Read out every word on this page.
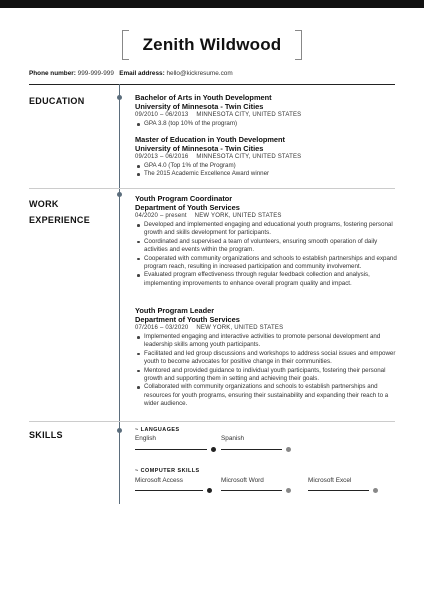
Zenith Wildwood
Phone number: 999-999-999 Email address: hello@kickresume.com
EDUCATION	Bachelor of Arts in Youth Development
University of Minnesota - Twin Cities
09/2010 – 06/2013 MINNESOTA CITY, UNITED STATES
GPA 3.8 (top 10% of the program)
Master of Education in Youth Development
University of Minnesota - Twin Cities
09/2013 – 06/2016 MINNESOTA CITY, UNITED STATES
GPA 4.0 (Top 1% of the Program)
The 2015 Academic Excellence Award winner
WORK
EXPERIENCE
Youth Program Coordinator
Department of Youth Services
04/2020 – present NEW YORK, UNITED STATES
Developed and implemented engaging and educational youth programs, fostering personal growth and skills development for participants.
Coordinated and supervised a team of volunteers, ensuring smooth operation of daily activities and events within the program.
Cooperated with community organizations and schools to establish partnerships and expand program reach, resulting in increased participation and community involvement.
Evaluated program effectiveness through regular feedback collection and analysis, implementing improvements to enhance overall program quality and impact.
Youth Program Leader
Department of Youth Services
07/2016 – 03/2020 NEW YORK, UNITED STATES
Implemented engaging and interactive activities to promote personal development and leadership skills among youth participants.
Facilitated and led group discussions and workshops to address social issues and empower youth to become advocates for positive change in their communities.
Mentored and provided guidance to individual youth participants, fostering their personal growth and supporting them in setting and achieving their goals.
Collaborated with community organizations and schools to establish partnerships and resources for youth programs, ensuring their sustainability and expanding their reach to a wider audience.
SKILLS	~ LANGUAGES
English	Spanish
~ COMPUTER SKILLS
Microsoft Access	Microsoft Word	Microsoft Excel
